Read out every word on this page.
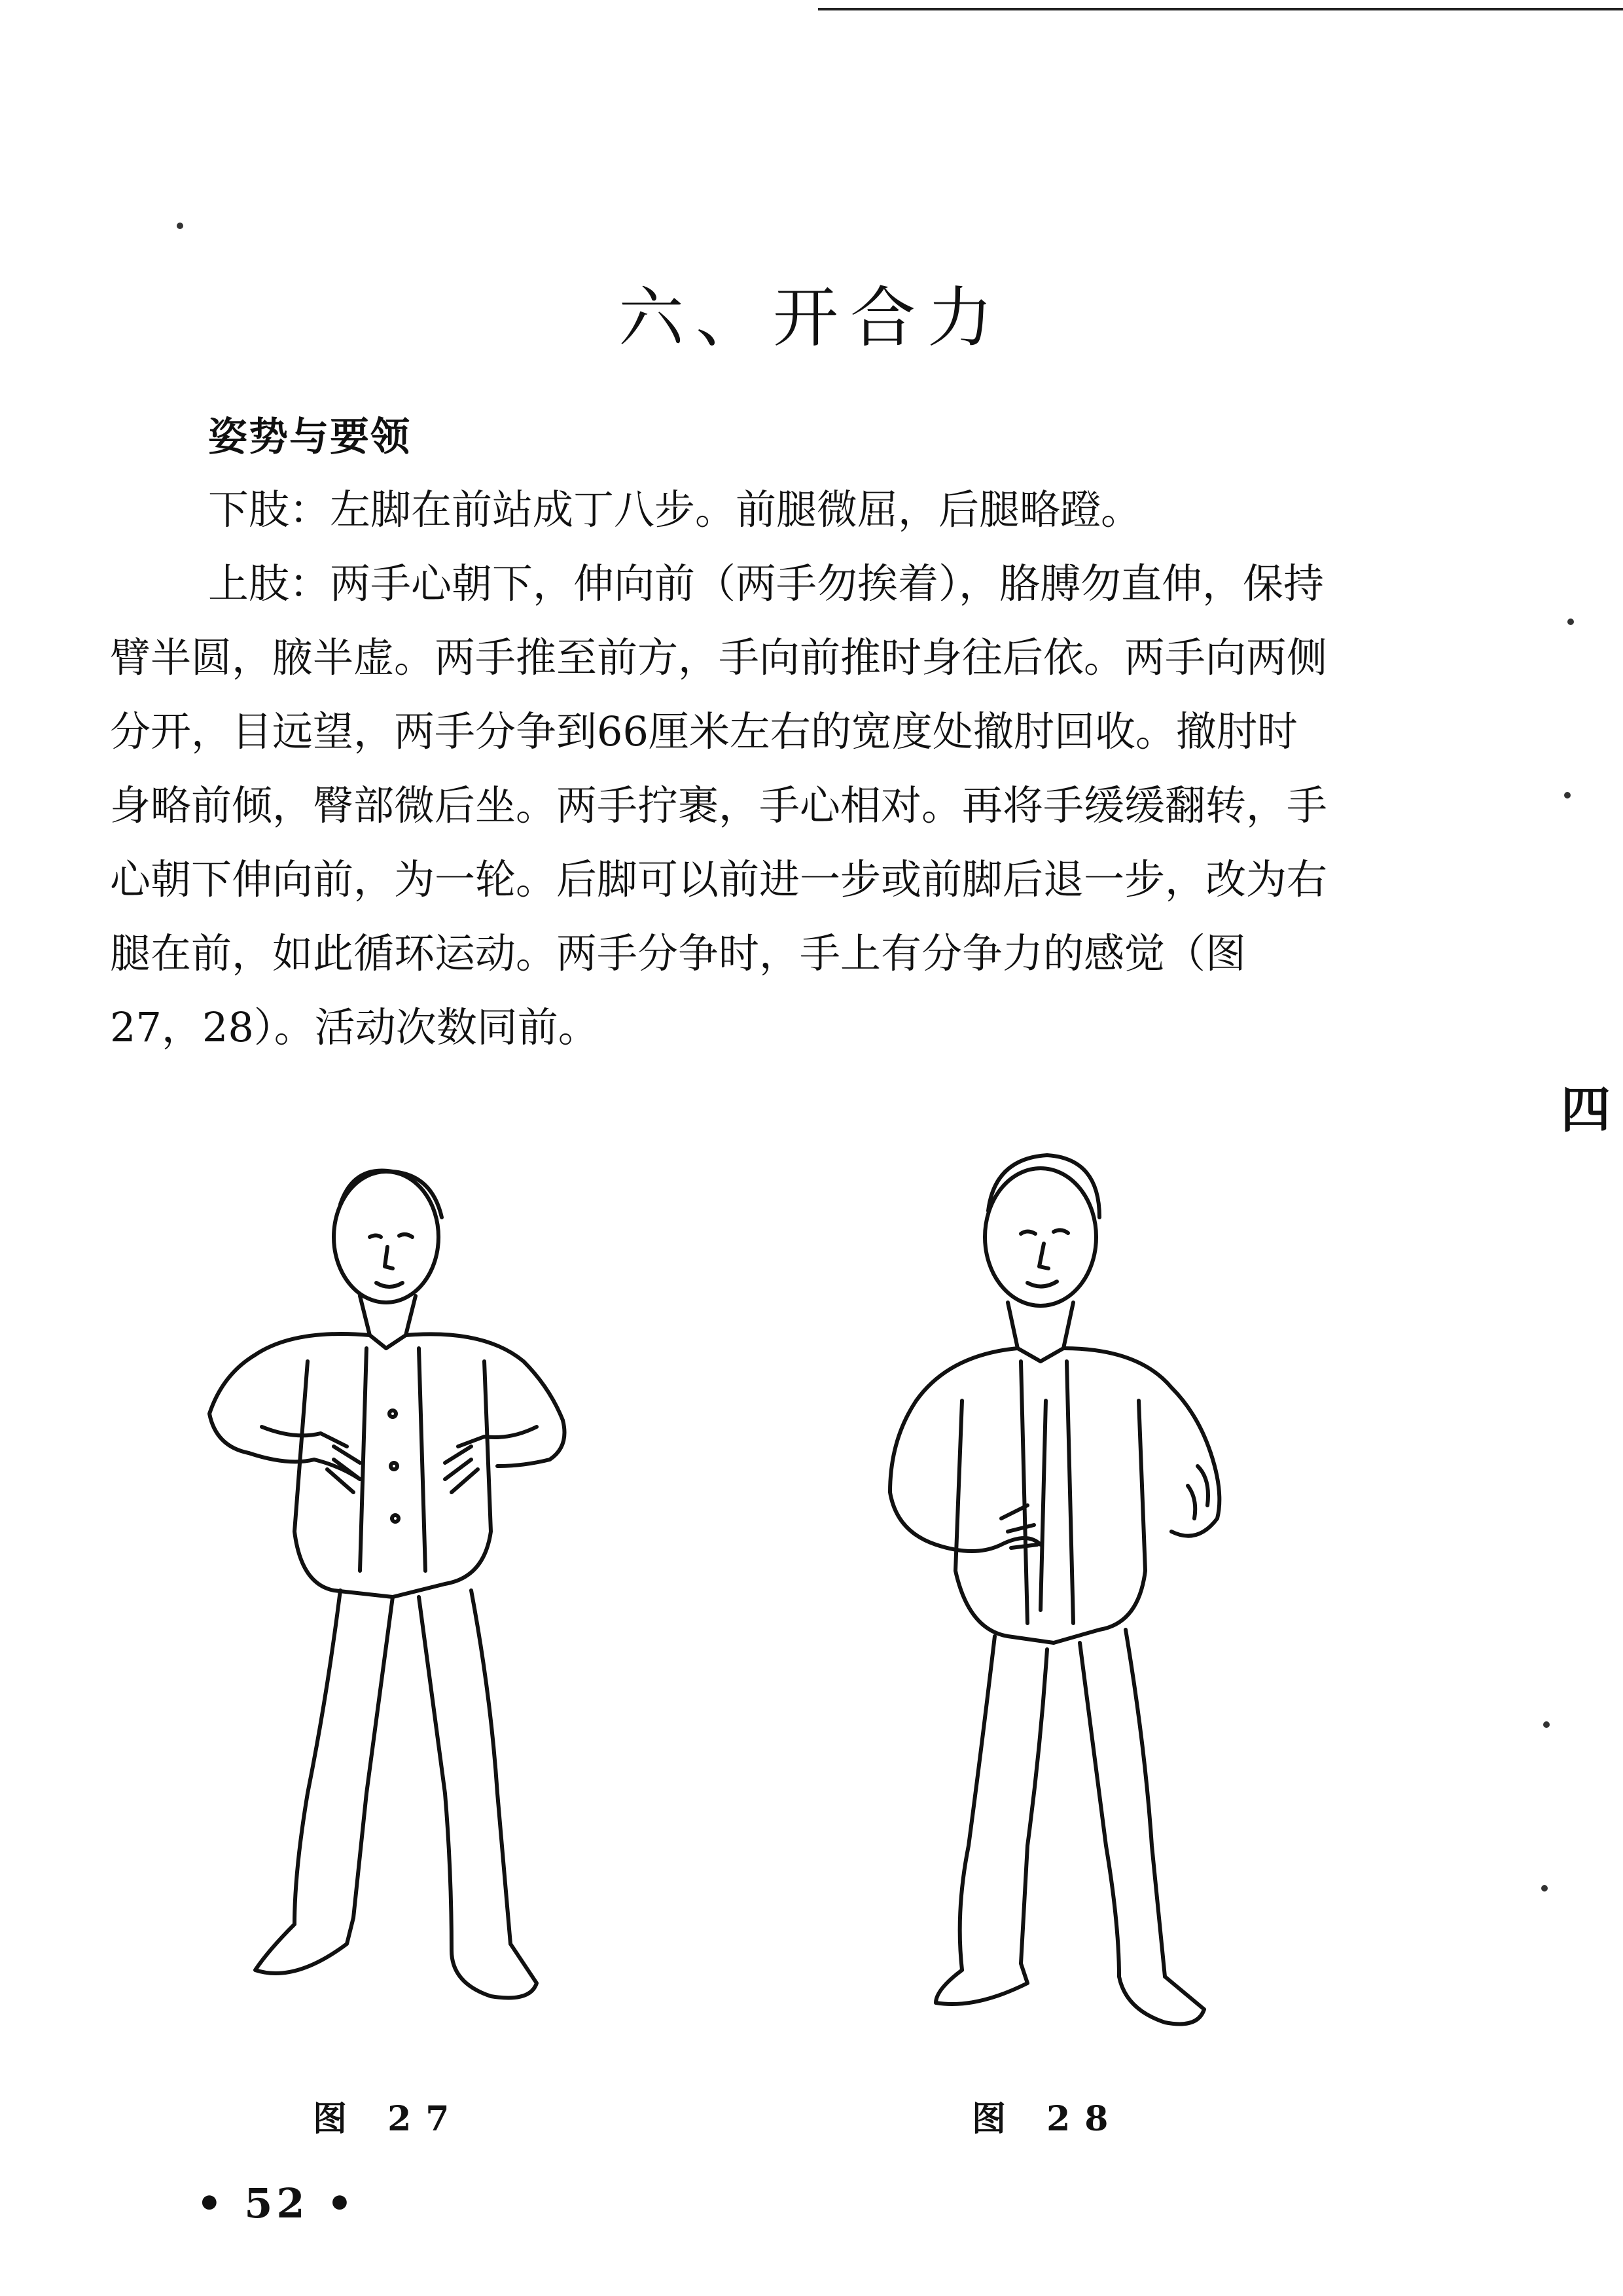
六、开合力
姿势与要领

下肢：左脚在前站成丁八步。前腿微屈，后腿略蹬。

上肢：两手心朝下，伸向前（两手勿挨着），胳膊勿直伸，保持臂半圆，腋半虚。两手推至前方，手向前推时身往后依。两手向两侧分开，目远望，两手分争到66厘米左右的宽度处撤肘回收。撤肘时身略前倾，臀部微后坐。两手拧裹，手心相对。再将手缓缓翻转，手心朝下伸向前，为一轮。后脚可以前进一步或前脚后退一步，改为右腿在前，如此循环运动。两手分争时，手上有分争力的感觉（图27，28）。活动次数同前。

四
图 27	图 28
• 52 •
